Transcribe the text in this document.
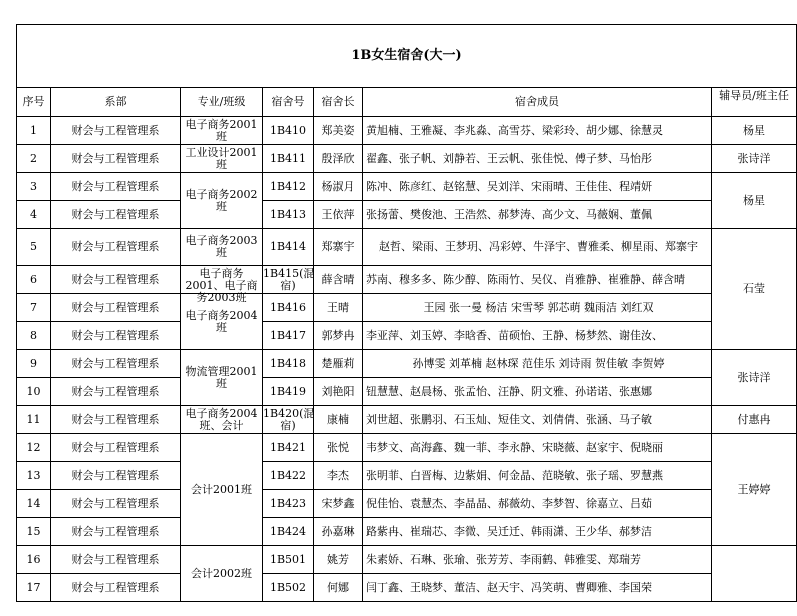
1B女生宿舍(大一)						
序号	系部	专业/班级	宿舍号	宿舍长	宿舍成员	辅导员/班主任

1	财会与工程管理系	电子商务2001班	1B410	郑美姿	黄旭楠、王雅凝、李兆淼、高雪芬、梁彩玲、胡少娜、徐慧灵	杨星

2	财会与工程管理系	工业设计2001班	1B411	殷泽欣	翟鑫、张子帆、刘静若、王云帆、张佳悦、傅子梦、马怡彤	张诗洋

3	财会与工程管理系	电子商务2002班	1B412	杨淑月	陈冲、陈彦红、赵铭慧、吴刘洋、宋雨晴、王佳佳、程靖妍	杨星

4	财会与工程管理系		1B413	王依萍	张扬蕾、樊俊池、王浩然、郝梦涛、高少文、马薇娴、董佩	

5	财会与工程管理系	电子商务2003班	1B414	郑寨宇	赵哲、梁雨、王梦玥、冯彩婷、牛泽宇、曹雅柔、柳星雨、郑寨宇	石莹

6	财会与工程管理系	电子商务2001、电子商务2003班	1B415(混宿)	薛含晴	苏南、穆多多、陈少醇、陈雨竹、吴仪、肖雅静、崔雅静、薛含晴	

7	财会与工程管理系	电子商务2004班	1B416	王晴	王园 张一曼 杨洁 宋雪琴 郭芯萌 魏雨洁 刘红双	

8	财会与工程管理系		1B417	郭梦冉	李亚萍、刘玉婷、李晗香、苗硕怡、王静、杨梦然、谢佳汝、	

9	财会与工程管理系	物流管理2001班	1B418	楚雁莉	孙博雯 刘革楠 赵林琛 范佳乐 刘诗雨 贺佳敏 李贺婷	张诗洋

10	财会与工程管理系		1B419	刘艳阳	钮慧慧、赵晨杨、张孟怡、汪静、阴文雅、孙诺诺、张惠娜	

11	财会与工程管理系	电子商务2004班、会计	1B420(混宿)	康楠	刘世超、张鹏羽、石玉灿、短佳文、刘倩倩、张涵、马子敏	付惠冉

12	财会与工程管理系	会计2001班	1B421	张悦	韦梦文、高海鑫、魏一菲、李永静、宋晓薇、赵家宇、倪晓丽	王婷婷

13	财会与工程管理系		1B422	李杰	张明菲、白晋梅、边紫娟、何金晶、范晓敏、张子瑶、罗慧燕	

14	财会与工程管理系		1B423	宋梦鑫	倪佳怡、袁慧杰、李晶晶、郝薇幼、李梦智、徐嘉立、吕茹	

15	财会与工程管理系		1B424	孙嘉琳	路紫冉、崔瑞芯、李微、吴迁迁、韩雨潇、王少华、郝梦洁	

16	财会与工程管理系	会计2002班	1B501	姚芳	朱素娇、石琳、张瑜、张芳芳、李雨鹤、韩雅雯、郑瑞芳	

17	财会与工程管理系		1B502	何娜	闫丁鑫、王晓梦、董洁、赵天宇、冯笑萌、曹卿雅、李国荣	
